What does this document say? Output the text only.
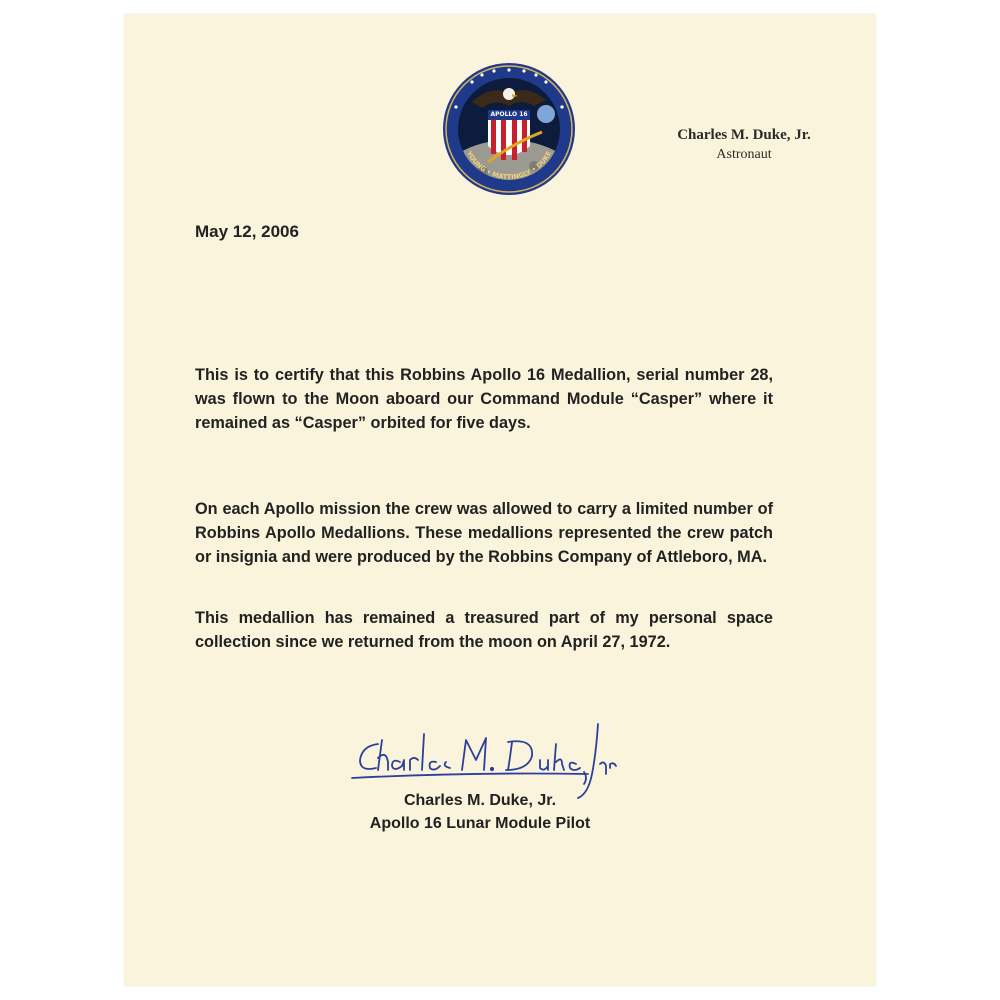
APOLLO 16
YOUNG • MATTINGLY • DUKE
Charles M. Duke, Jr.
Astronaut
May 12, 2006

This is to certify that this Robbins Apollo 16 Medallion, serial number 28, was flown to the Moon aboard our Command Module “Casper” where it remained as “Casper” orbited for five days.

On each Apollo mission the crew was allowed to carry a limited number of Robbins Apollo Medallions. These medallions represented the crew patch or insignia and were produced by the Robbins Company of Attleboro, MA.

This medallion has remained a treasured part of my personal space collection since we returned from the moon on April 27, 1972.

Charles M. Duke, Jr.
Apollo 16 Lunar Module Pilot
